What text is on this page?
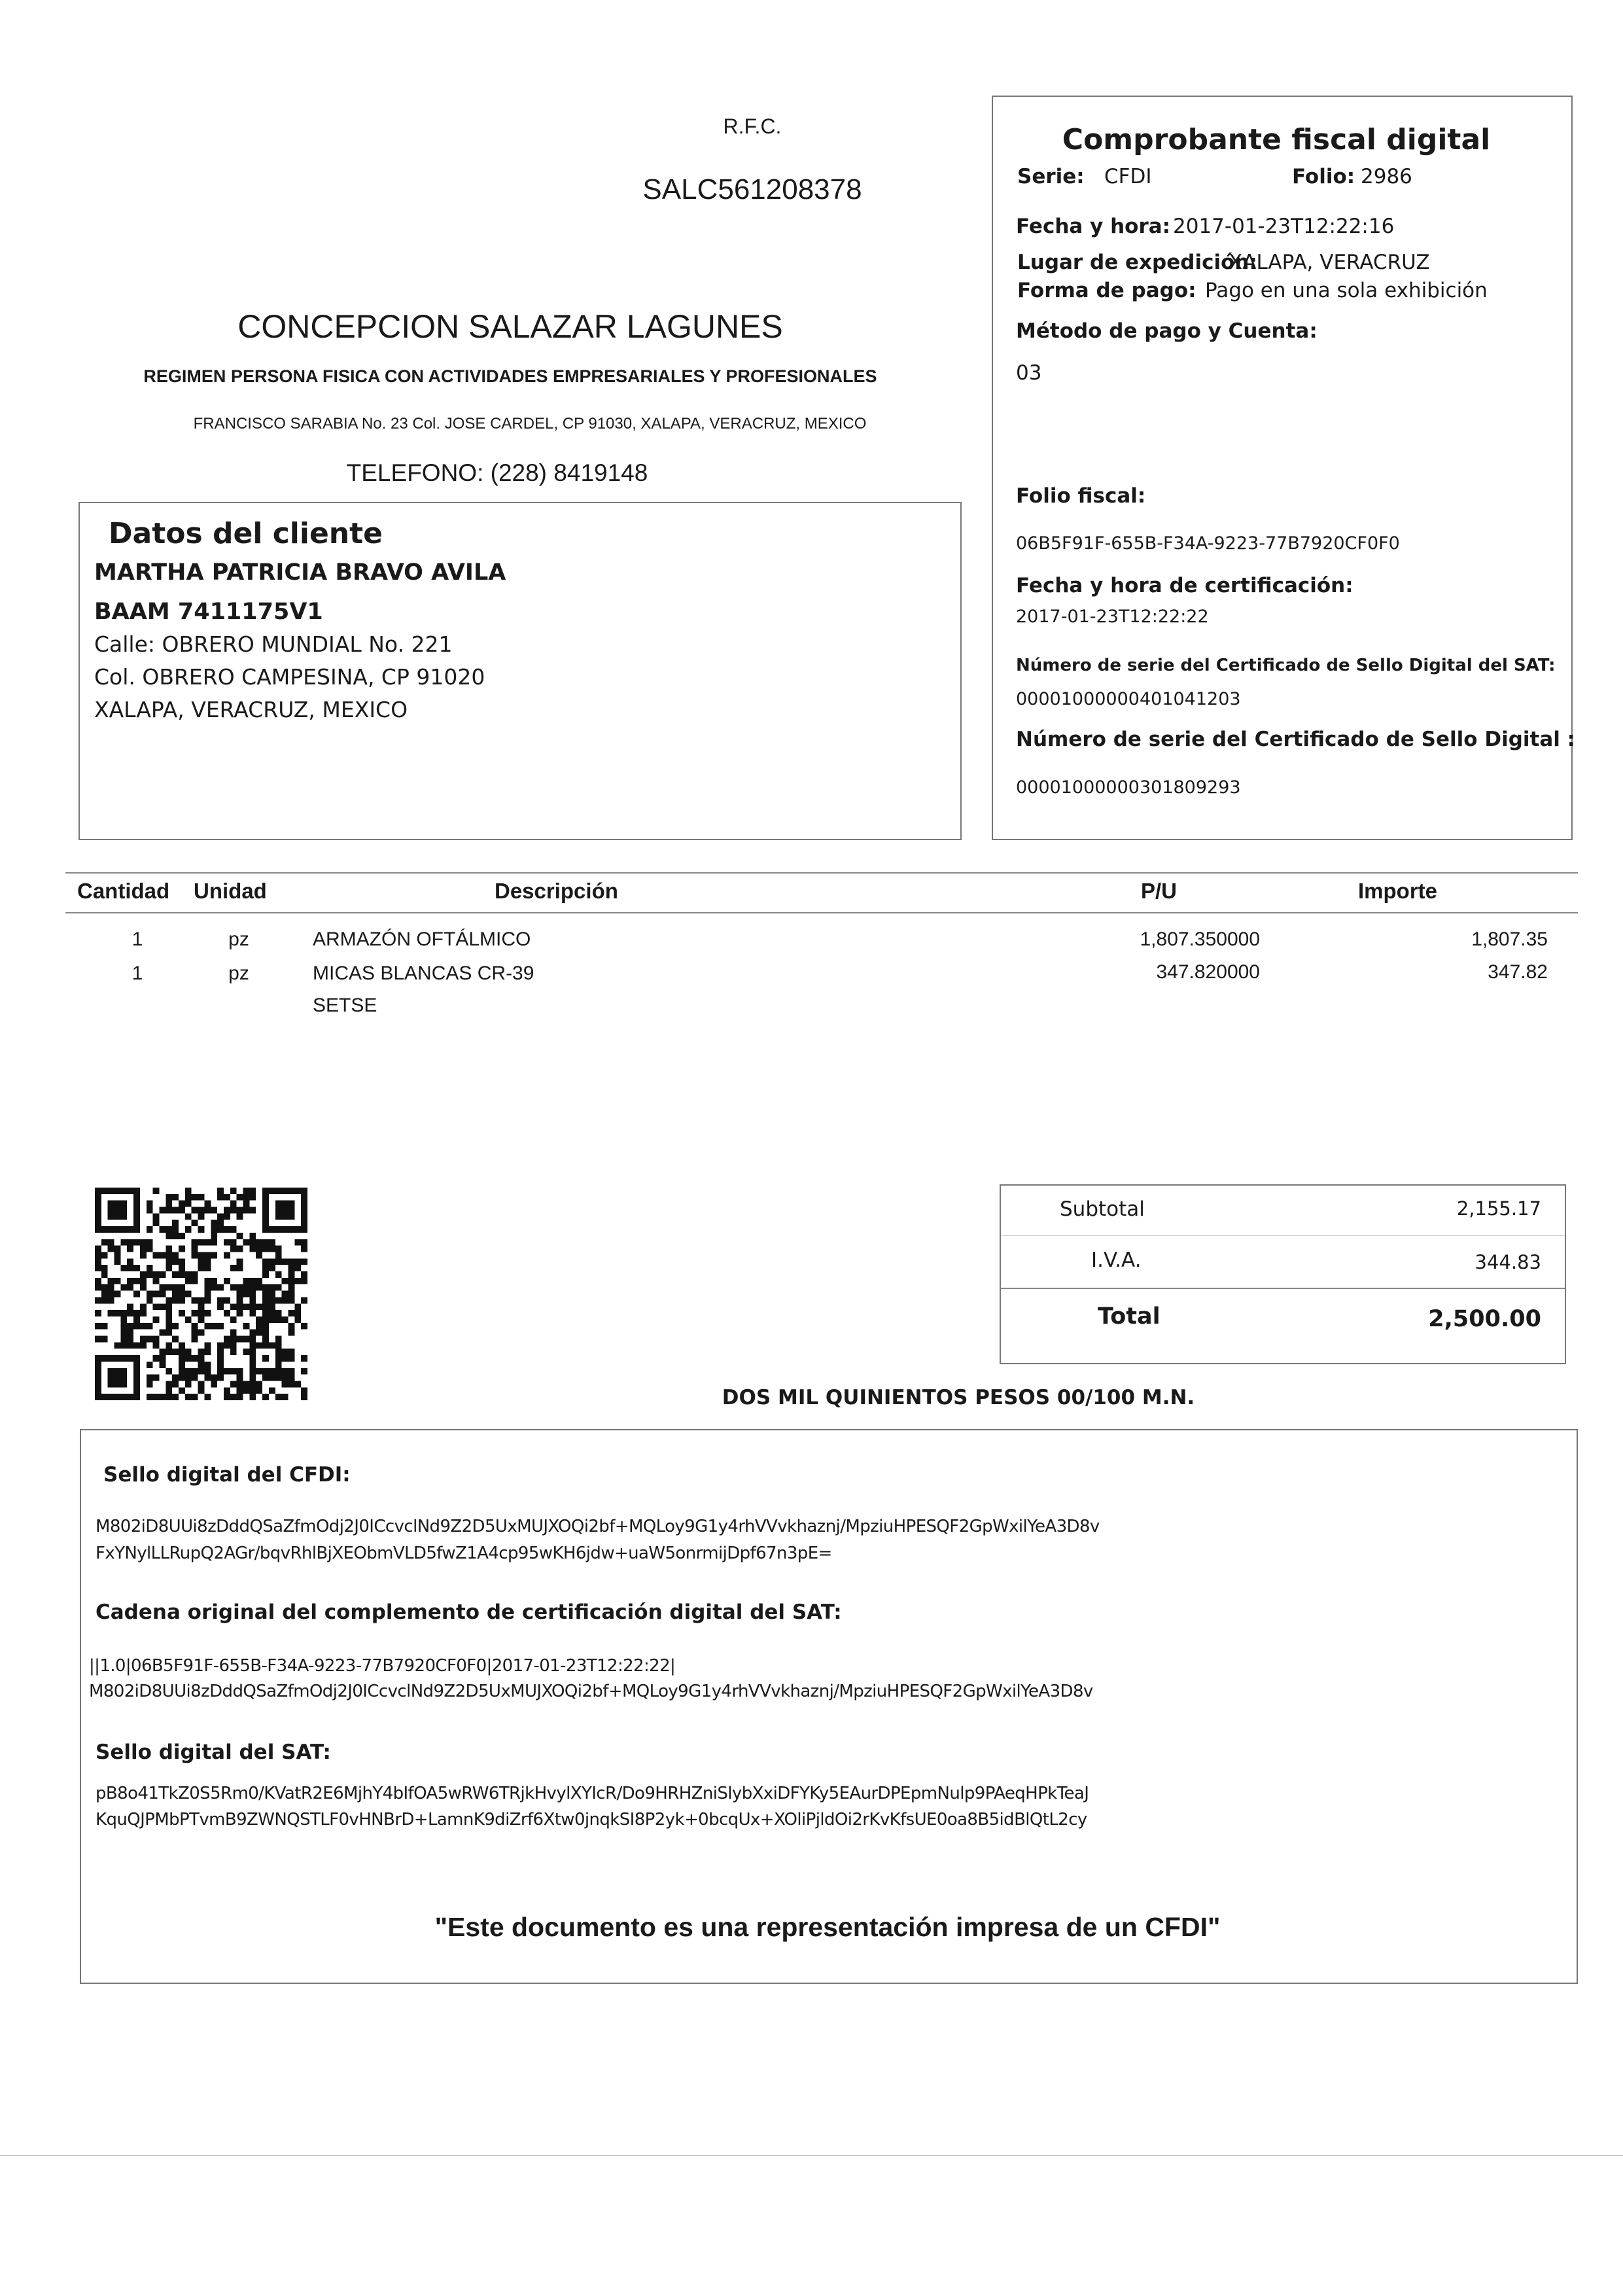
R.F.C.
SALC561208378
CONCEPCION SALAZAR LAGUNES
REGIMEN PERSONA FISICA CON ACTIVIDADES EMPRESARIALES Y PROFESIONALES
FRANCISCO SARABIA No. 23 Col. JOSE CARDEL, CP 91030, XALAPA, VERACRUZ, MEXICO
TELEFONO: (228) 8419148
Comprobante fiscal digital
Serie: CFDI	Folio: 2986
Fecha y hora: 2017-01-23T12:22:16
Lugar de expedición:
XALAPA, VERACRUZ
Forma de pago: Pago en una sola exhibición
Método de pago y Cuenta:
03
Folio fiscal:
06B5F91F-655B-F34A-9223-77B7920CF0F0
Fecha y hora de certificación:
2017-01-23T12:22:22
Número de serie del Certificado de Sello Digital del SAT:
00001000000401041203
Número de serie del Certificado de Sello Digital :
00001000000301809293
Datos del cliente
MARTHA PATRICIA BRAVO AVILA
BAAM 7411175V1
Calle: OBRERO MUNDIAL No. 221
Col. OBRERO CAMPESINA, CP 91020
XALAPA, VERACRUZ, MEXICO
Cantidad Unidad	Descripción	P/U	Importe
1	pz	ARMAZÓN OFTÁLMICO	1,807.350000	1,807.35
1	pz	MICAS BLANCAS CR-39	347.820000	347.82
SETSE
Subtotal	2,155.17
I.V.A.	344.83
Total	2,500.00
DOS MIL QUINIENTOS PESOS 00/100 M.N.
Sello digital del CFDI:
M802iD8UUi8zDddQSaZfmOdj2J0ICcvclNd9Z2D5UxMUJXOQi2bf+MQLoy9G1y4rhVVvkhaznj/MpziuHPESQF2GpWxilYeA3D8v
FxYNylLLRupQ2AGr/bqvRhlBjXEObmVLD5fwZ1A4cp95wKH6jdw+uaW5onrmijDpf67n3pE=
Cadena original del complemento de certificación digital del SAT:
||1.0|06B5F91F-655B-F34A-9223-77B7920CF0F0|2017-01-23T12:22:22|
M802iD8UUi8zDddQSaZfmOdj2J0ICcvclNd9Z2D5UxMUJXOQi2bf+MQLoy9G1y4rhVVvkhaznj/MpziuHPESQF2GpWxilYeA3D8v
Sello digital del SAT:
pB8o41TkZ0S5Rm0/KVatR2E6MjhY4bIfOA5wRW6TRjkHvylXYIcR/Do9HRHZniSlybXxiDFYKy5EAurDPEpmNulp9PAeqHPkTeaJ
KquQJPMbPTvmB9ZWNQSTLF0vHNBrD+LamnK9diZrf6Xtw0jnqkSI8P2yk+0bcqUx+XOliPjldOi2rKvKfsUE0oa8B5idBlQtL2cy
"Este documento es una representación impresa de un CFDI"
